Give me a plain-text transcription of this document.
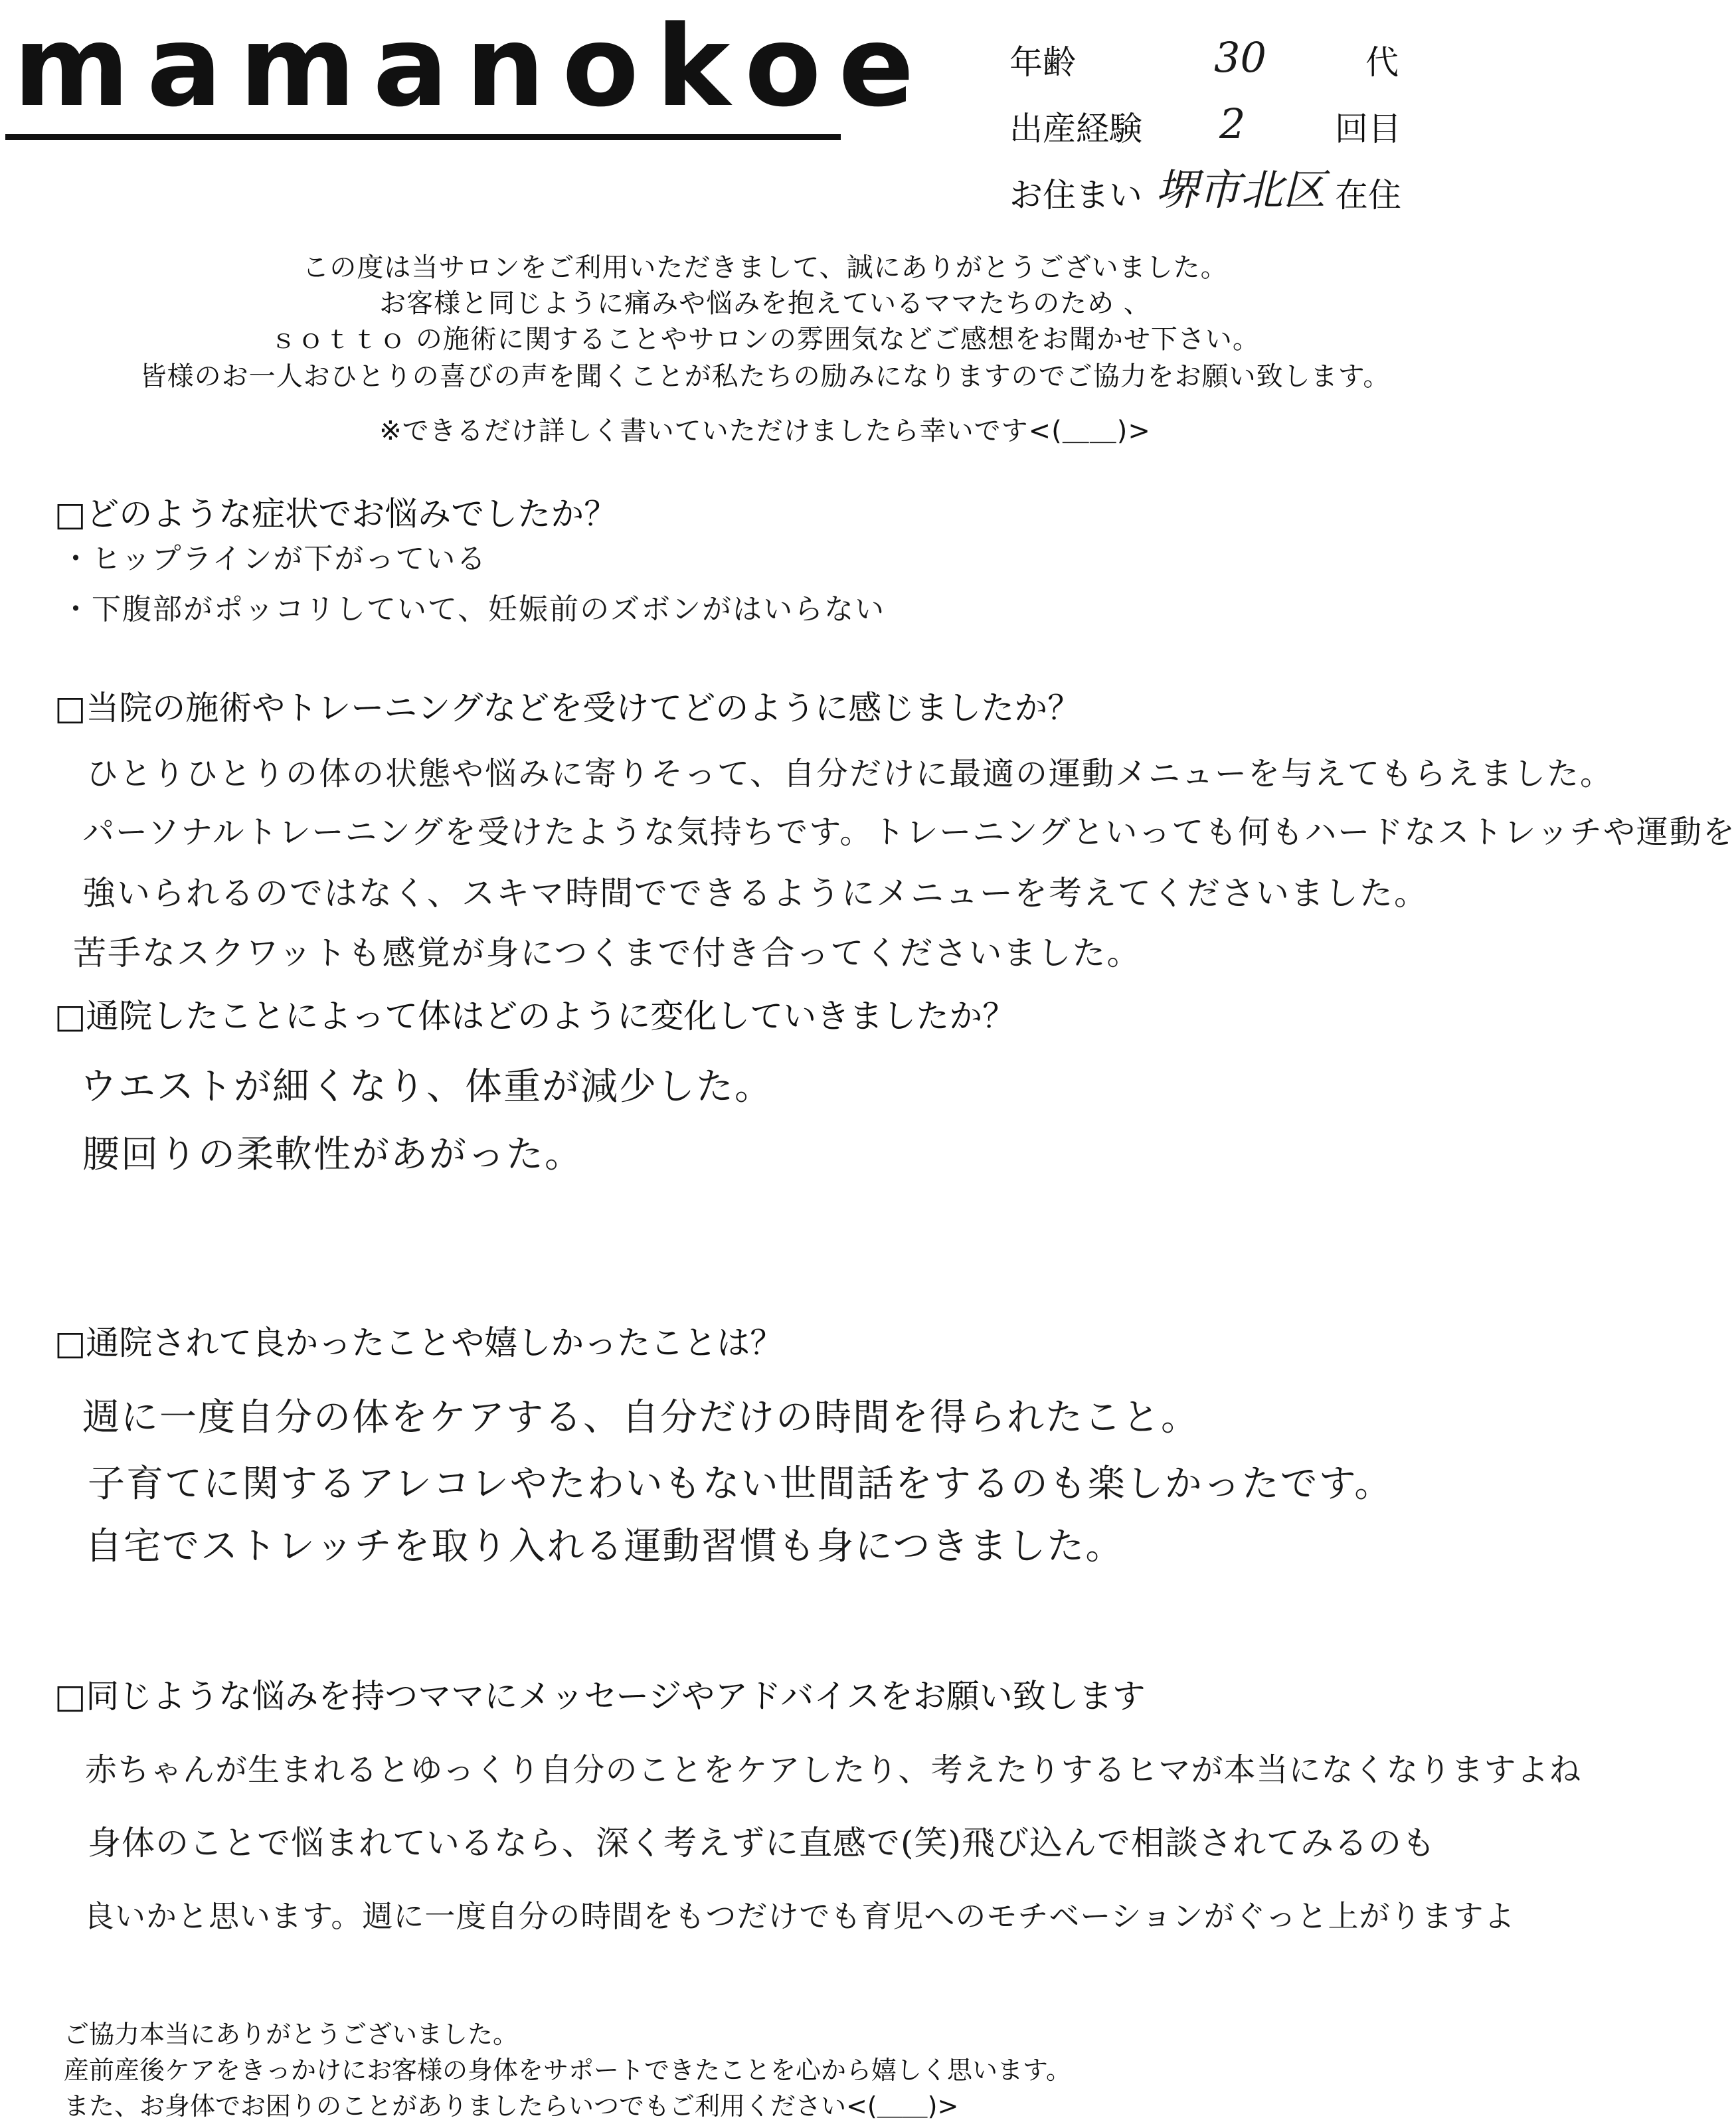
mamanokoe 年齢	30	代
出産経験 2	回目
お住まい 堺市北区 在住
この度は当サロンをご利用いただきまして、誠にありがとうございました。
お客様と同じように痛みや悩みを抱えているママたちのため 、
ｓｏｔｔｏ の施術に関することやサロンの雰囲気などご感想をお聞かせ下さい。
皆様のお一人おひとりの喜びの声を聞くことが私たちの励みになりますのでご協力をお願い致します。
※できるだけ詳しく書いていただけましたら幸いです<(＿＿)>
□どのような症状でお悩みでしたか？
・ヒップラインが下がっている
・下腹部がポッコリしていて、妊娠前のズボンがはいらない
□当院の施術やトレーニングなどを受けてどのように感じましたか？
ひとりひとりの体の状態や悩みに寄りそって、自分だけに最適の運動メニューを与えてもらえました。
パーソナルトレーニングを受けたような気持ちです。トレーニングといっても何もハードなストレッチや運動を
強いられるのではなく、スキマ時間でできるようにメニューを考えてくださいました。
苦手なスクワットも感覚が身につくまで付き合ってくださいました。
□通院したことによって体はどのように変化していきましたか？
ウエストが細くなり、体重が減少した。
腰回りの柔軟性があがった。
□通院されて良かったことや嬉しかったことは？
週に一度自分の体をケアする、自分だけの時間を得られたこと。
子育てに関するアレコレやたわいもない世間話をするのも楽しかったです。
自宅でストレッチを取り入れる運動習慣も身につきました。
□同じような悩みを持つママにメッセージやアドバイスをお願い致します
赤ちゃんが生まれるとゆっくり自分のことをケアしたり、考えたりするヒマが本当になくなりますよね
身体のことで悩まれているなら、深く考えずに直感で(笑)飛び込んで相談されてみるのも
良いかと思います。週に一度自分の時間をもつだけでも育児へのモチベーションがぐっと上がりますよ
ご協力本当にありがとうございました。
産前産後ケアをきっかけにお客様の身体をサポートできたことを心から嬉しく思います。
また、お身体でお困りのことがありましたらいつでもご利用ください<(＿＿)>
